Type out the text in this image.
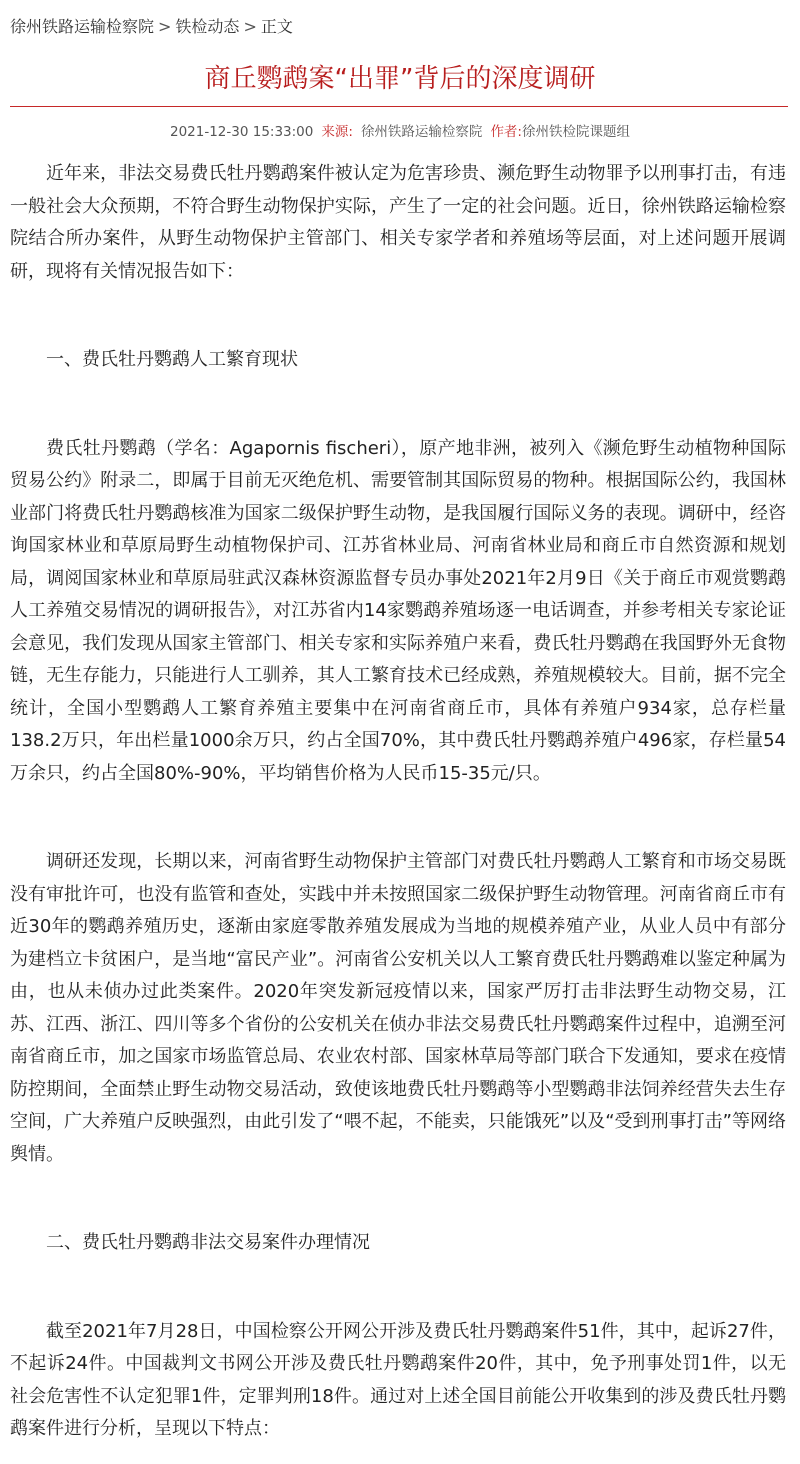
徐州铁路运输检察院 > 铁检动态 > 正文
商丘鹦鹉案“出罪”背后的深度调研
2021-12-30 15:33:00 来源: 徐州铁路运输检察院 作者:徐州铁检院课题组

近年来，非法交易费氏牡丹鹦鹉案件被认定为危害珍贵、濒危野生动物罪予以刑事打击，有违一般社会大众预期，不符合野生动物保护实际，产生了一定的社会问题。近日，徐州铁路运输检察院结合所办案件，从野生动物保护主管部门、相关专家学者和养殖场等层面，对上述问题开展调研，现将有关情况报告如下：

一、费氏牡丹鹦鹉人工繁育现状

费氏牡丹鹦鹉（学名：Agapornis fischeri），原产地非洲，被列入《濒危野生动植物种国际贸易公约》附录二，即属于目前无灭绝危机、需要管制其国际贸易的物种。根据国际公约，我国林业部门将费氏牡丹鹦鹉核准为国家二级保护野生动物，是我国履行国际义务的表现。调研中，经咨询国家林业和草原局野生动植物保护司、江苏省林业局、河南省林业局和商丘市自然资源和规划局，调阅国家林业和草原局驻武汉森林资源监督专员办事处2021年2月9日《关于商丘市观赏鹦鹉人工养殖交易情况的调研报告》，对江苏省内14家鹦鹉养殖场逐一电话调查，并参考相关专家论证会意见，我们发现从国家主管部门、相关专家和实际养殖户来看，费氏牡丹鹦鹉在我国野外无食物链，无生存能力，只能进行人工驯养，其人工繁育技术已经成熟，养殖规模较大。目前，据不完全统计，全国小型鹦鹉人工繁育养殖主要集中在河南省商丘市，具体有养殖户934家，总存栏量138.2万只，年出栏量1000余万只，约占全国70%，其中费氏牡丹鹦鹉养殖户496家，存栏量54万余只，约占全国80%-90%，平均销售价格为人民币15-35元/只。

调研还发现，长期以来，河南省野生动物保护主管部门对费氏牡丹鹦鹉人工繁育和市场交易既没有审批许可，也没有监管和查处，实践中并未按照国家二级保护野生动物管理。河南省商丘市有近30年的鹦鹉养殖历史，逐渐由家庭零散养殖发展成为当地的规模养殖产业，从业人员中有部分为建档立卡贫困户，是当地“富民产业”。河南省公安机关以人工繁育费氏牡丹鹦鹉难以鉴定种属为由，也从未侦办过此类案件。2020年突发新冠疫情以来，国家严厉打击非法野生动物交易，江苏、江西、浙江、四川等多个省份的公安机关在侦办非法交易费氏牡丹鹦鹉案件过程中，追溯至河南省商丘市，加之国家市场监管总局、农业农村部、国家林草局等部门联合下发通知，要求在疫情防控期间，全面禁止野生动物交易活动，致使该地费氏牡丹鹦鹉等小型鹦鹉非法饲养经营失去生存空间，广大养殖户反映强烈，由此引发了“喂不起，不能卖，只能饿死”以及“受到刑事打击”等网络舆情。

二、费氏牡丹鹦鹉非法交易案件办理情况

截至2021年7月28日，中国检察公开网公开涉及费氏牡丹鹦鹉案件51件，其中，起诉27件，不起诉24件。中国裁判文书网公开涉及费氏牡丹鹦鹉案件20件，其中，免予刑事处罚1件，以无社会危害性不认定犯罪1件，定罪判刑18件。通过对上述全国目前能公开收集到的涉及费氏牡丹鹦鹉案件进行分析，呈现以下特点：
